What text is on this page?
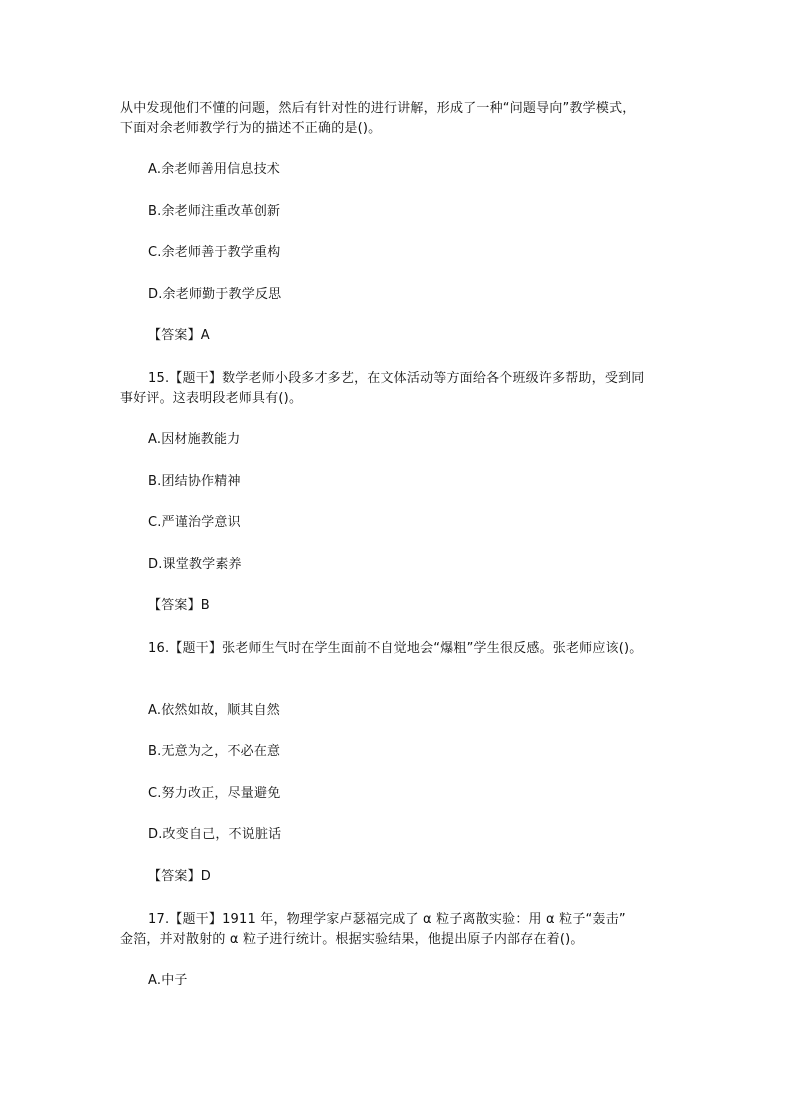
从中发现他们不懂的问题，然后有针对性的进行讲解，形成了一种“问题导向”教学模式，
下面对余老师教学行为的描述不正确的是()。
A.余老师善用信息技术
B.余老师注重改革创新
C.余老师善于教学重构
D.余老师勤于教学反思
【答案】A
15.【题干】数学老师小段多才多艺，在文体活动等方面给各个班级许多帮助，受到同
事好评。这表明段老师具有()。
A.因材施教能力
B.团结协作精神
C.严谨治学意识
D.课堂教学素养
【答案】B
16.【题干】张老师生气时在学生面前不自觉地会“爆粗”学生很反感。张老师应该()。
A.依然如故，顺其自然
B.无意为之，不必在意
C.努力改正，尽量避免
D.改变自己，不说脏话
【答案】D
17.【题干】1911 年，物理学家卢瑟福完成了 α 粒子离散实验：用 α 粒子“轰击”
金箔，并对散射的 α 粒子进行统计。根据实验结果，他提出原子内部存在着()。
A.中子
